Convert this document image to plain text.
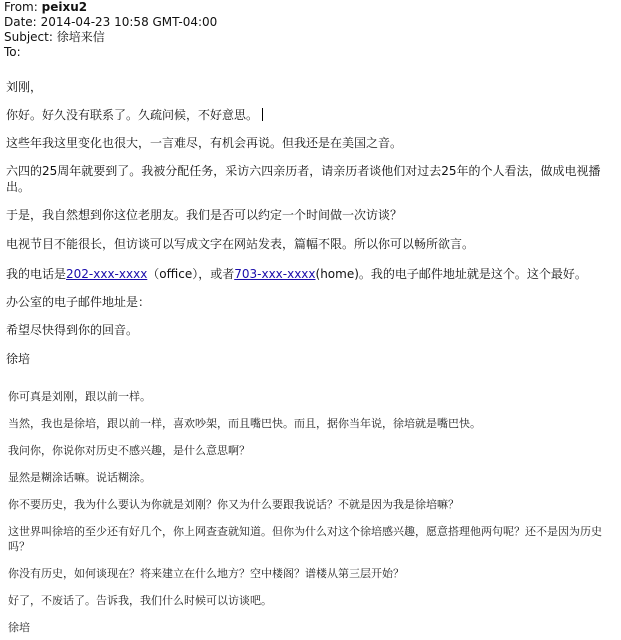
From: peixu2
Date: 2014-04-23 10:58 GMT-04:00
Subject: 徐培来信
To:
刘刚，
你好。好久没有联系了。久疏问候，不好意思。
这些年我这里变化也很大，一言难尽，有机会再说。但我还是在美国之音。
六四的25周年就要到了。我被分配任务，采访六四亲历者，请亲历者谈他们对过去25年的个人看法，做成电视播出。
于是，我自然想到你这位老朋友。我们是否可以约定一个时间做一次访谈？
电视节目不能很长，但访谈可以写成文字在网站发表，篇幅不限。所以你可以畅所欲言。
我的电话是202-xxx-xxxx（office），或者703-xxx-xxxx(home)。我的电子邮件地址就是这个。这个最好。
办公室的电子邮件地址是：
希望尽快得到你的回音。
徐培
你可真是刘刚，跟以前一样。
当然，我也是徐培，跟以前一样，喜欢吵架，而且嘴巴快。而且，据你当年说，徐培就是嘴巴快。
我问你，你说你对历史不感兴趣，是什么意思啊？
显然是糊涂话嘛。说话糊涂。
你不要历史，我为什么要认为你就是刘刚？你又为什么要跟我说话？不就是因为我是徐培嘛？
这世界叫徐培的至少还有好几个，你上网查查就知道。但你为什么对这个徐培感兴趣，愿意搭理他两句呢？还不是因为历史吗？
你没有历史，如何谈现在？将来建立在什么地方？空中楼阁？谱楼从第三层开始？
好了，不废话了。告诉我，我们什么时候可以访谈吧。
徐培
